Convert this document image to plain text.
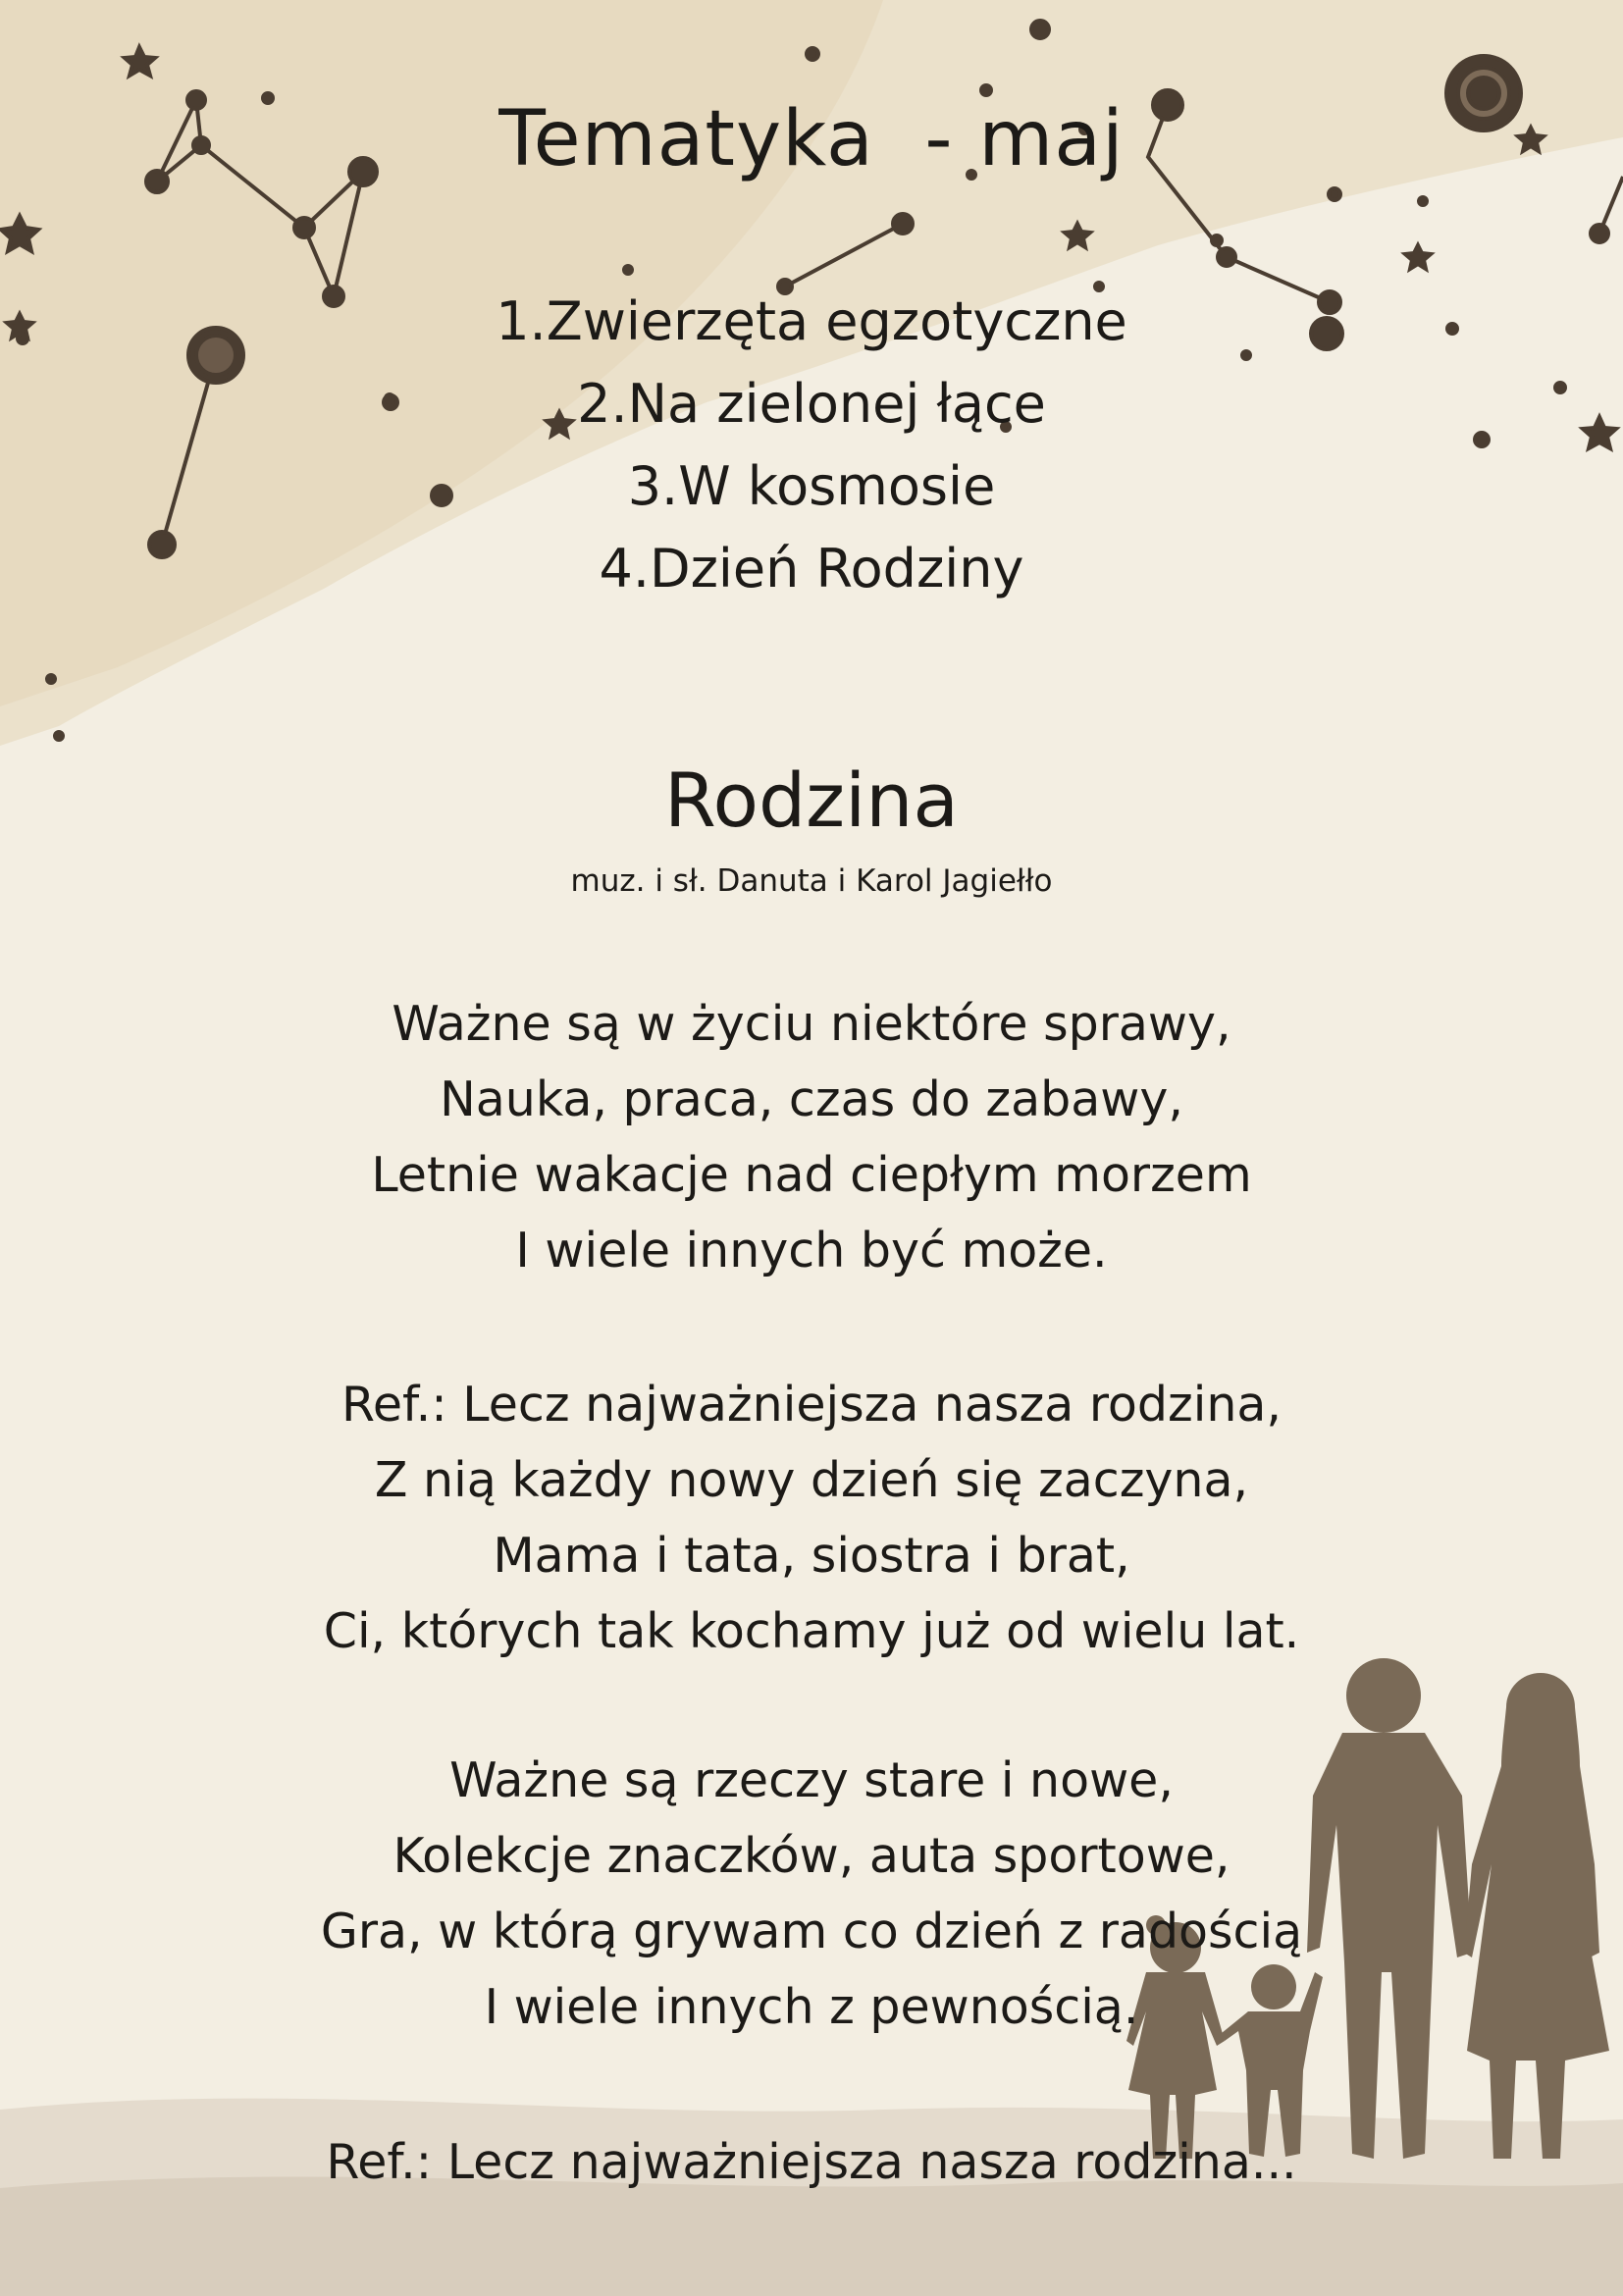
Tematyka  - maj
1.Zwierzęta egzotyczne
2.Na zielonej łące
3.W kosmosie
4.Dzień Rodziny
Rodzina
muz. i sł. Danuta i Karol Jagiełło

Ważne są w życiu niektóre sprawy,

Nauka, praca, czas do zabawy,

Letnie wakacje nad ciepłym morzem

I wiele innych być może.

Ref.: Lecz najważniejsza nasza rodzina,

Z nią każdy nowy dzień się zaczyna,

Mama i tata, siostra i brat,

Ci, których tak kochamy już od wielu lat.

Ważne są rzeczy stare i nowe,

Kolekcje znaczków, auta sportowe,

Gra, w którą grywam co dzień z radością

I wiele innych z pewnością.

Ref.: Lecz najważniejsza nasza rodzina...
